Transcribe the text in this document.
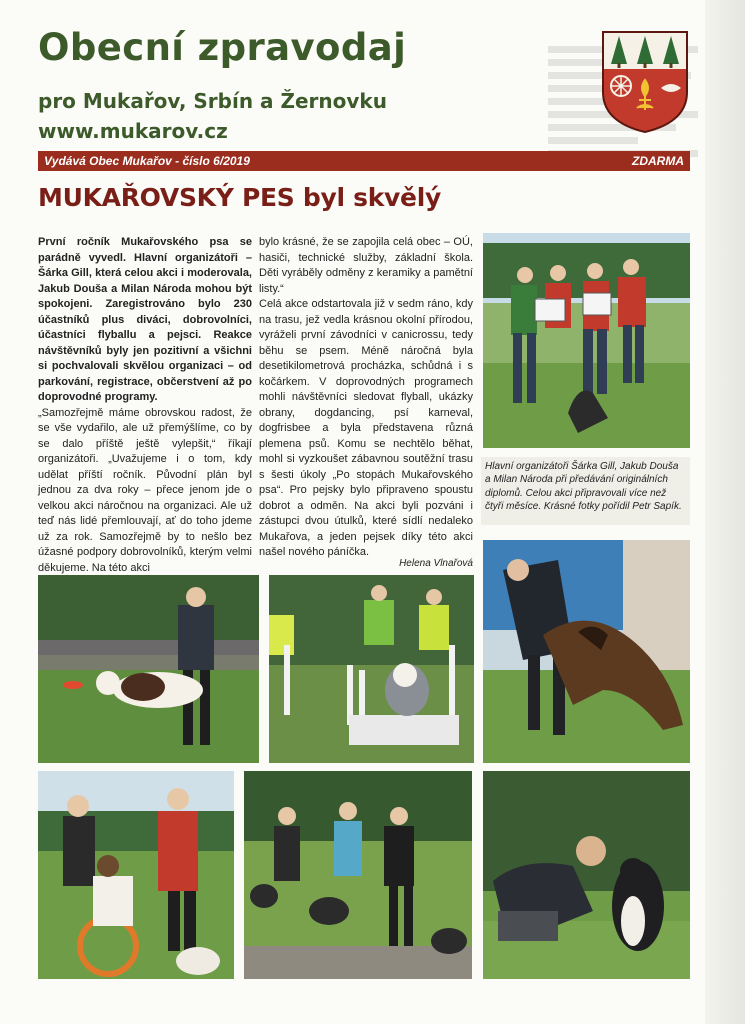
Obecní zpravodaj
pro Mukařov, Srbín a Žernovku
www.mukarov.cz
Vydává Obec Mukařov - číslo 6/2019	ZDARMA
MUKAŘOVSKÝ PES byl skvělý

První ročník Mukařovského psa se parádně vyvedl. Hlavní organizátoři – Šárka Gill, která celou akci i moderovala, Jakub Douša a Milan Národa mohou být spokojeni. Zaregistrováno bylo 230 účastníků plus diváci, dobrovolníci, účastníci flyballu a pejsci. Reakce návštěvníků byly jen pozitivní a všichni si pochvalovali skvělou organizaci – od parkování, registrace, občerstvení až po doprovodné programy.

„Samozřejmě máme obrovskou radost, že se vše vydařilo, ale už přemýšlíme, co by se dalo příště ještě vylepšit,“ říkají organizátoři. „Uvažujeme i o tom, kdy udělat příští ročník. Původní plán byl jednou za dva roky – přece jenom jde o velkou akci náročnou na organizaci. Ale už teď nás lidé přemlouvají, ať do toho jdeme už za rok. Samozřejmě by to nešlo bez úžasné podpory dobrovolníků, kterým velmi děkujeme. Na této akci

bylo krásné, že se zapojila celá obec – OÚ, hasiči, technické služby, základní škola. Děti vyráběly odměny z keramiky a pamětní listy.“

Celá akce odstartovala již v sedm ráno, kdy na trasu, jež vedla krásnou okolní přírodou, vyráželi první závodníci v canicrossu, tedy běhu se psem. Méně náročná byla desetikilometrová procházka, schůdná i s kočárkem. V doprovodných programech mohli návštěvníci sledovat flyball, ukázky obrany, dogdancing, psí karneval, dogfrisbee a byla představena různá plemena psů. Komu se nechtělo běhat, mohl si vyzkoušet zábavnou soutěžní trasu s šesti úkoly „Po stopách Mukařovského psa“. Pro pejsky bylo připraveno spoustu dobrot a odměn. Na akci byli pozváni i zástupci dvou útulků, které sídlí nedaleko Mukařova, a jeden pejsek díky této akci našel nového páníčka.

Helena Vlnařová
Hlavní organizátoři Šárka Gill, Jakub Douša a Milan Národa při předávání originálních diplomů. Celou akci připravovali více než čtyři měsíce. Krásné fotky pořídil Petr Sapík.
